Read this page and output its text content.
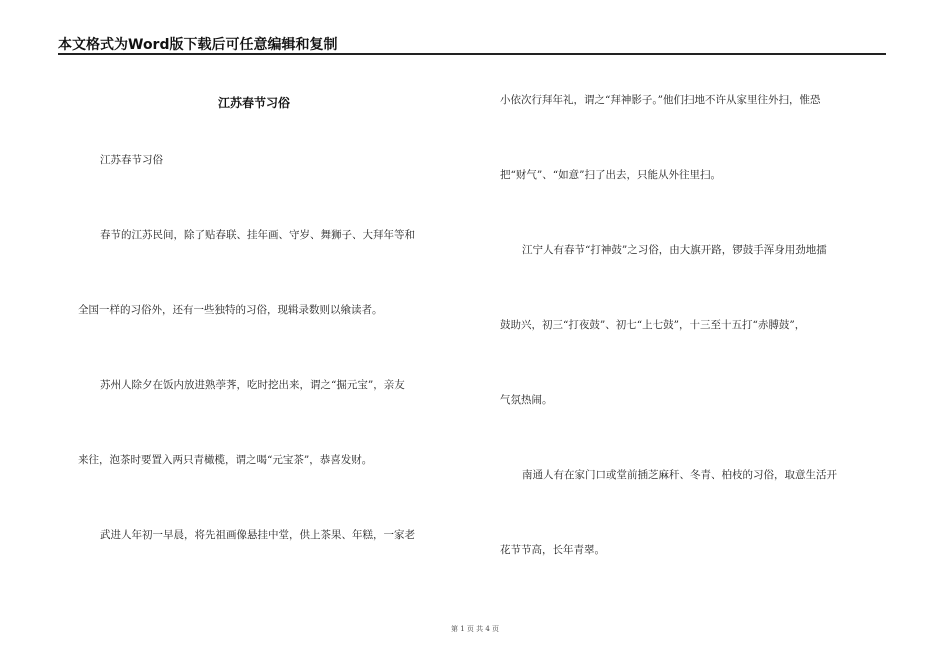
本文格式为Word版下载后可任意编辑和复制
江苏春节习俗
江苏春节习俗
春节的江苏民间，除了贴春联、挂年画、守岁、舞狮子、大拜年等和
全国一样的习俗外，还有一些独特的习俗，现辑录数则以飨读者。
苏州人除夕在饭内放进熟荸荠，吃时挖出来，谓之“掘元宝”，亲友
来往，泡茶时要置入两只青橄榄，谓之喝“元宝茶”，恭喜发财。
武进人年初一早晨，将先祖画像悬挂中堂，供上茶果、年糕，一家老
小依次行拜年礼，谓之“拜神影子。”他们扫地不许从家里往外扫，惟恐
把“财气”、“如意”扫了出去，只能从外往里扫。
江宁人有春节“打神鼓”之习俗，由大旗开路，锣鼓手浑身用劲地擂
鼓助兴，初三“打夜鼓”、初七“上七鼓”，十三至十五打“赤膊鼓”，
气氛热闹。
南通人有在家门口或堂前插芝麻秆、冬青、柏枝的习俗，取意生活开
花节节高，长年青翠。
第 1 页 共 4 页
